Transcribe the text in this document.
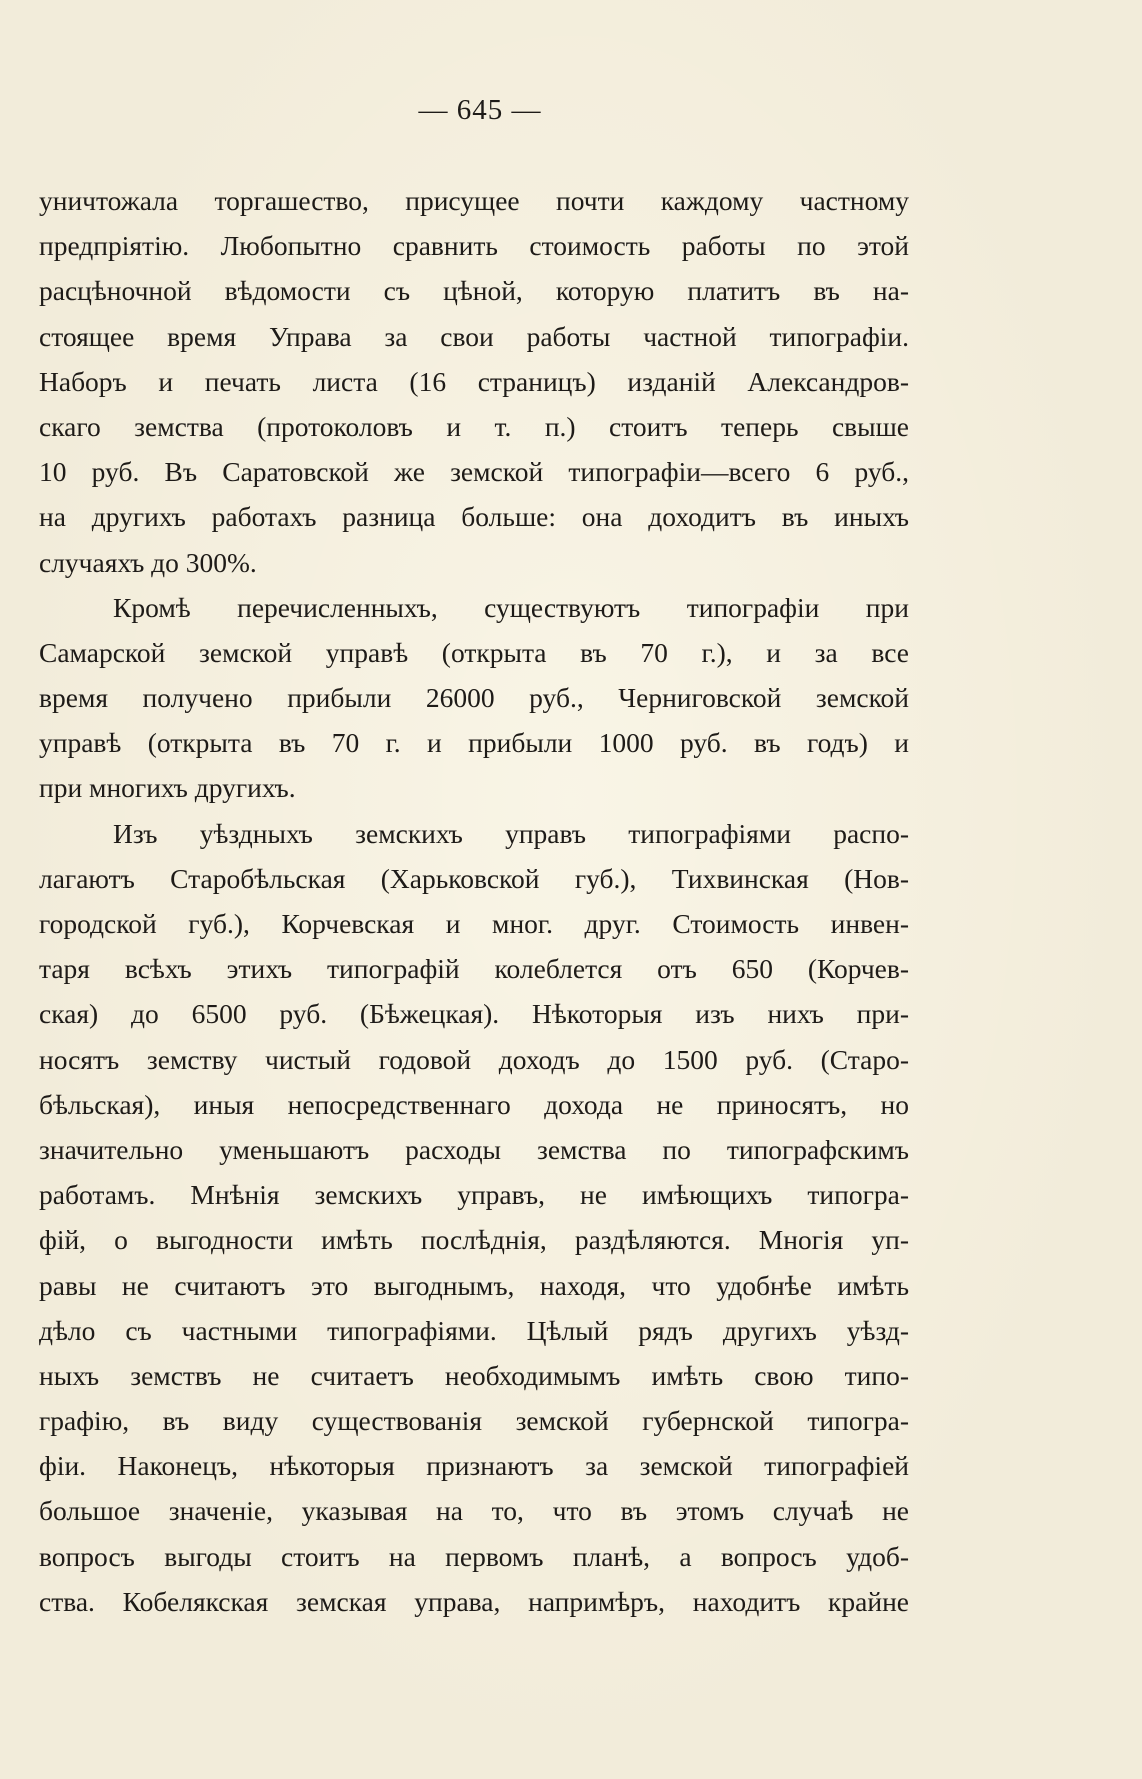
— 645 —
уничтожала торгашество, присущее почти каждому частному
предпріятію. Любопытно сравнить стоимость работы по этой
расцѣночной вѣдомости съ цѣной, которую платитъ въ на-
стоящее время Управа за свои работы частной типографіи.
Наборъ и печать листа (16 страницъ) изданій Александров-
скаго земства (протоколовъ и т. п.) стоитъ теперь свыше
10 руб. Въ Саратовской же земской типографіи—всего 6 руб.,
на другихъ работахъ разница больше: она доходитъ въ иныхъ
случаяхъ до 300%.
Кромѣ перечисленныхъ, существуютъ типографіи при
Самарской земской управѣ (открыта въ 70 г.), и за все
время получено прибыли 26000 руб., Черниговской земской
управѣ (открыта въ 70 г. и прибыли 1000 руб. въ годъ) и
при многихъ другихъ.
Изъ уѣздныхъ земскихъ управъ типографіями распо-
лагаютъ Старобѣльская (Харьковской губ.), Тихвинская (Нов-
городской губ.), Корчевская и мног. друг. Стоимость инвен-
таря всѣхъ этихъ типографій колеблется отъ 650 (Корчев-
ская) до 6500 руб. (Бѣжецкая). Нѣкоторыя изъ нихъ при-
носятъ земству чистый годовой доходъ до 1500 руб. (Старо-
бѣльская), иныя непосредственнаго дохода не приносятъ, но
значительно уменьшаютъ расходы земства по типографскимъ
работамъ. Мнѣнія земскихъ управъ, не имѣющихъ типогра-
фій, о выгодности имѣть послѣднія, раздѣляются. Многія уп-
равы не считаютъ это выгоднымъ, находя, что удобнѣе имѣть
дѣло съ частными типографіями. Цѣлый рядъ другихъ уѣзд-
ныхъ земствъ не считаетъ необходимымъ имѣть свою типо-
графію, въ виду существованія земской губернской типогра-
фіи. Наконецъ, нѣкоторыя признаютъ за земской типографіей
большое значеніе, указывая на то, что въ этомъ случаѣ не
вопросъ выгоды стоитъ на первомъ планѣ, а вопросъ удоб-
ства. Кобелякская земская управа, напримѣръ, находитъ крайне
